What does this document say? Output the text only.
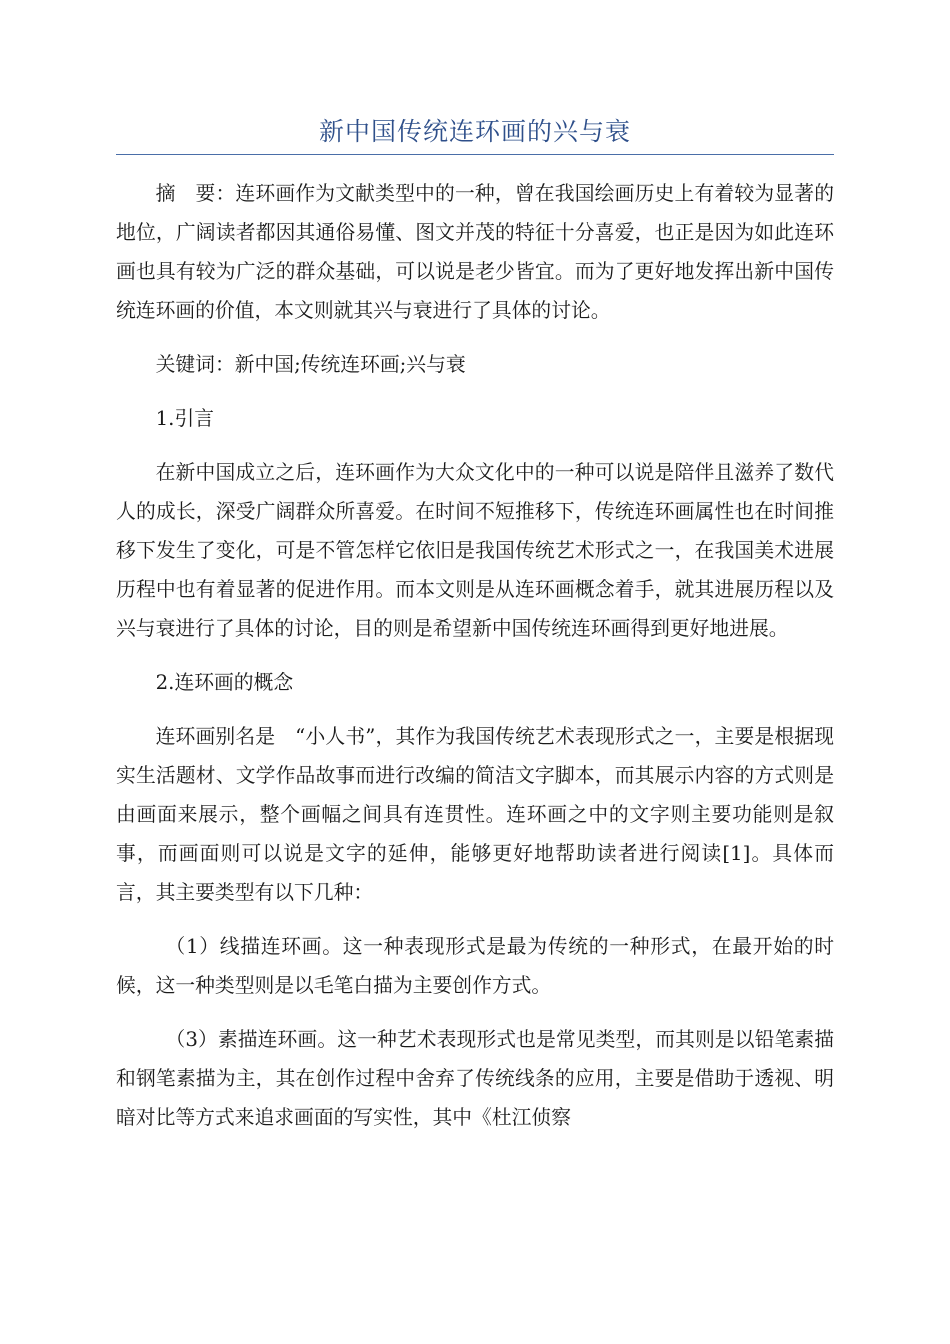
新中国传统连环画的兴与衰

摘　要：连环画作为文献类型中的一种，曾在我国绘画历史上有着较为显著的地位，广阔读者都因其通俗易懂、图文并茂的特征十分喜爱，也正是因为如此连环画也具有较为广泛的群众基础，可以说是老少皆宜。而为了更好地发挥出新中国传统连环画的价值，本文则就其兴与衰进行了具体的讨论。

关键词：新中国;传统连环画;兴与衰

1.引言

在新中国成立之后，连环画作为大众文化中的一种可以说是陪伴且滋养了数代人的成长，深受广阔群众所喜爱。在时间不短推移下，传统连环画属性也在时间推移下发生了变化，可是不管怎样它依旧是我国传统艺术形式之一，在我国美术进展历程中也有着显著的促进作用。而本文则是从连环画概念着手，就其进展历程以及兴与衰进行了具体的讨论，目的则是希望新中国传统连环画得到更好地进展。

2.连环画的概念

连环画别名是　“小人书”，其作为我国传统艺术表现形式之一，主要是根据现实生活题材、文学作品故事而进行改编的简洁文字脚本，而其展示内容的方式则是由画面来展示，整个画幅之间具有连贯性。连环画之中的文字则主要功能则是叙事，而画面则可以说是文字的延伸，能够更好地帮助读者进行阅读[1]。具体而言，其主要类型有以下几种：

（1）线描连环画。这一种表现形式是最为传统的一种形式，在最开始的时候，这一种类型则是以毛笔白描为主要创作方式。

（3）素描连环画。这一种艺术表现形式也是常见类型，而其则是以铅笔素描和钢笔素描为主，其在创作过程中舍弃了传统线条的应用，主要是借助于透视、明暗对比等方式来追求画面的写实性，其中《杜江侦察
